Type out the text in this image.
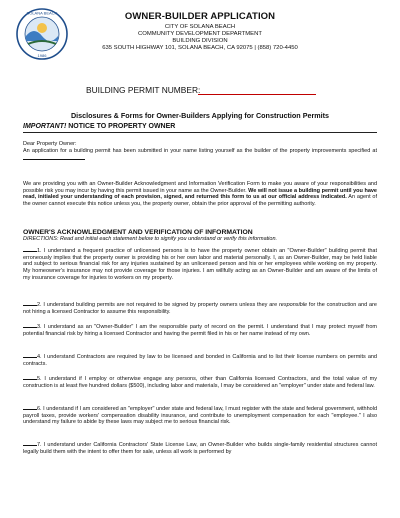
SOLANA BEACH
1986
OWNER-BUILDER APPLICATION
CITY OF SOLANA BEACH
COMMUNITY DEVELOPMENT DEPARTMENT
BUILDING DIVISION
635 SOUTH HIGHWAY 101, SOLANA BEACH, CA 92075 | (858) 720-4450
BUILDING PERMIT NUMBER:
Disclosures & Forms for Owner-Builders Applying for Construction Permits
IMPORTANT! NOTICE TO PROPERTY OWNER
Dear Property Owner:
An application for a building permit has been submitted in your name listing yourself as the builder of the property improvements specified at
We are providing you with an Owner-Builder Acknowledgment and Information Verification Form to make you aware of your responsibilities and possible risk you may incur by having this permit issued in your name as the Owner-Builder. We will not issue a building permit until you have read, initialed your understanding of each provision, signed, and returned this form to us at our official address indicated. An agent of the owner cannot execute this notice unless you, the property owner, obtain the prior approval of the permitting authority.
OWNER'S ACKNOWLEDGMENT AND VERIFICATION OF INFORMATION
DIRECTIONS: Read and initial each statement below to signify you understand or verify this information.
1. I understand a frequent practice of unlicensed persons is to have the property owner obtain an "Owner-Builder" building permit that erroneously implies that the property owner is providing his or her own labor and material personally. I, as an Owner-Builder, may be held liable and subject to serious financial risk for any injuries sustained by an unlicensed person and his or her employees while working on my property. My homeowner's insurance may not provide coverage for those injuries. I am willfully acting as an Owner-Builder and am aware of the limits of my insurance coverage for injuries to workers on my property.
2. I understand building permits are not required to be signed by property owners unless they are responsible for the construction and are not hiring a licensed Contractor to assume this responsibility.
3. I understand as an "Owner-Builder" I am the responsible party of record on the permit. I understand that I may protect myself from potential financial risk by hiring a licensed Contractor and having the permit filed in his or her name instead of my own.
4. I understand Contractors are required by law to be licensed and bonded in California and to list their license numbers on permits and contracts.
5. I understand if I employ or otherwise engage any persons, other than California licensed Contractors, and the total value of my construction is at least five hundred dollars ($500), including labor and materials, I may be considered an "employer" under state and federal law.
6. I understand if I am considered an "employer" under state and federal law, I must register with the state and federal government, withhold payroll taxes, provide workers' compensation disability insurance, and contribute to unemployment compensation for each "employee." I also understand my failure to abide by these laws may subject me to serious financial risk.
7. I understand under California Contractors' State License Law, an Owner-Builder who builds single-family residential structures cannot legally build them with the intent to offer them for sale, unless all work is performed by
